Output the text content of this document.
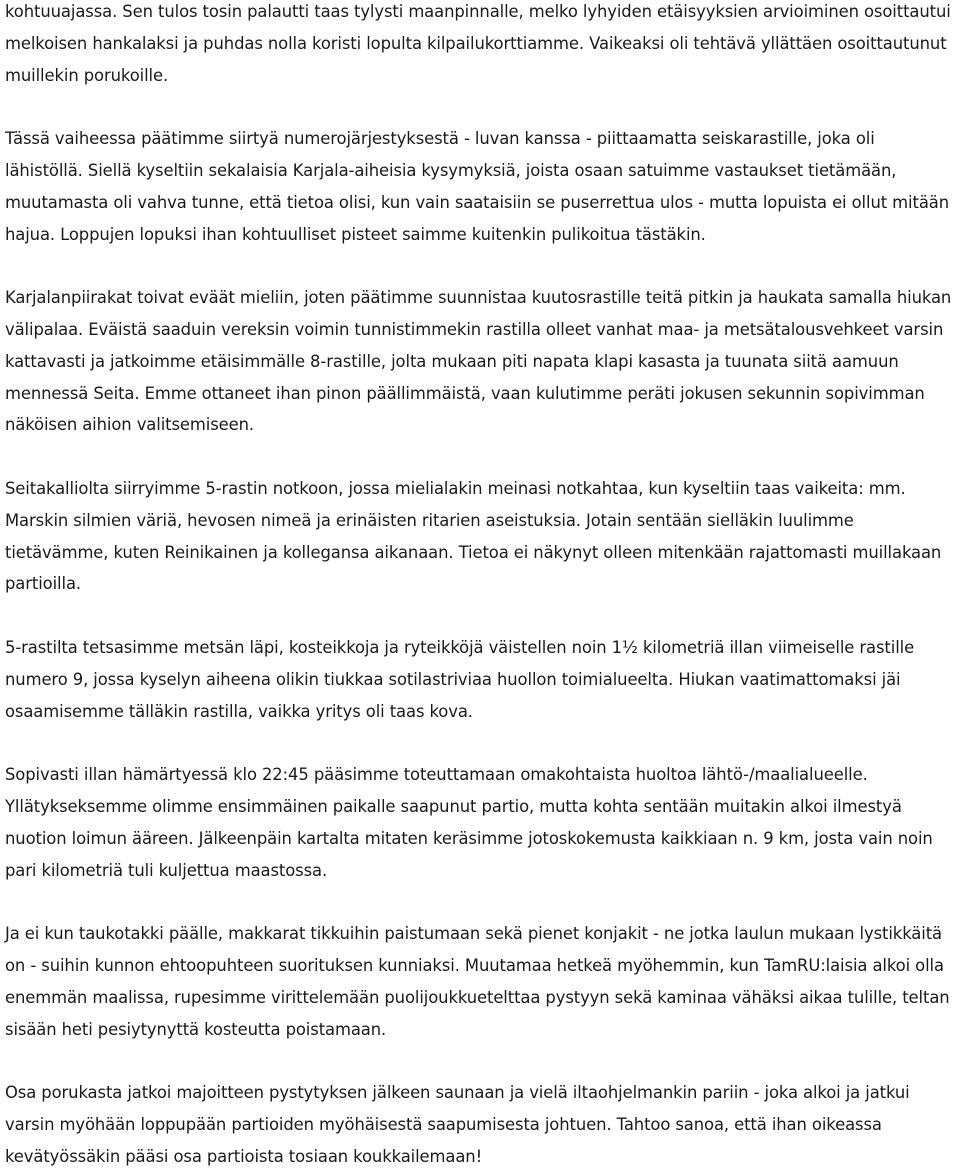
kohtuuajassa. Sen tulos tosin palautti taas tylysti maanpinnalle, melko lyhyiden etäisyyksien arvioiminen osoittautui melkoisen hankalaksi ja puhdas nolla koristi lopulta kilpailukorttiamme. Vaikeaksi oli tehtävä yllättäen osoittautunut muillekin porukoille.

Tässä vaiheessa päätimme siirtyä numerojärjestyksestä - luvan kanssa - piittaamatta seiskarastille, joka oli lähistöllä. Siellä kyseltiin sekalaisia Karjala-aiheisia kysymyksiä, joista osaan satuimme vastaukset tietämään, muutamasta oli vahva tunne, että tietoa olisi, kun vain saataisiin se puserrettua ulos - mutta lopuista ei ollut mitään hajua. Loppujen lopuksi ihan kohtuulliset pisteet saimme kuitenkin pulikoitua tästäkin.

Karjalanpiirakat toivat eväät mieliin, joten päätimme suunnistaa kuutosrastille teitä pitkin ja haukata samalla hiukan välipalaa. Eväistä saaduin vereksin voimin tunnistimmekin rastilla olleet vanhat maa- ja metsätalousvehkeet varsin kattavasti ja jatkoimme etäisimmälle 8-rastille, jolta mukaan piti napata klapi kasasta ja tuunata siitä aamuun mennessä Seita. Emme ottaneet ihan pinon päällimmäistä, vaan kulutimme peräti jokusen sekunnin sopivimman näköisen aihion valitsemiseen.

Seitakalliolta siirryimme 5-rastin notkoon, jossa mielialakin meinasi notkahtaa, kun kyseltiin taas vaikeita: mm. Marskin silmien väriä, hevosen nimeä ja erinäisten ritarien aseistuksia. Jotain sentään sielläkin luulimme tietävämme, kuten Reinikainen ja kollegansa aikanaan. Tietoa ei näkynyt olleen mitenkään rajattomasti muillakaan partioilla.

5-rastilta tetsasimme metsän läpi, kosteikkoja ja ryteikköjä väistellen noin 1½ kilometriä illan viimeiselle rastille numero 9, jossa kyselyn aiheena olikin tiukkaa sotilastriviaa huollon toimialueelta. Hiukan vaatimattomaksi jäi osaamisemme tälläkin rastilla, vaikka yritys oli taas kova.

Sopivasti illan hämärtyessä klo 22:45 pääsimme toteuttamaan omakohtaista huoltoa lähtö-/maalialueelle. Yllätykseksemme olimme ensimmäinen paikalle saapunut partio, mutta kohta sentään muitakin alkoi ilmestyä nuotion loimun ääreen. Jälkeenpäin kartalta mitaten keräsimme jotoskokemusta kaikkiaan n. 9 km, josta vain noin pari kilometriä tuli kuljettua maastossa.

Ja ei kun taukotakki päälle, makkarat tikkuihin paistumaan sekä pienet konjakit - ne jotka laulun mukaan lystikkäitä on - suihin kunnon ehtoopuhteen suorituksen kunniaksi. Muutamaa hetkeä myöhemmin, kun TamRU:laisia alkoi olla enemmän maalissa, rupesimme virittelemään puolijoukkuetelttaa pystyyn sekä kaminaa vähäksi aikaa tulille, teltan sisään heti pesiytynyttä kosteutta poistamaan.

Osa porukasta jatkoi majoitteen pystytyksen jälkeen saunaan ja vielä iltaohjelmankin pariin - joka alkoi ja jatkui varsin myöhään loppupään partioiden myöhäisestä saapumisesta johtuen. Tahtoo sanoa, että ihan oikeassa kevätyössäkin pääsi osa partioista tosiaan koukkailemaan!
